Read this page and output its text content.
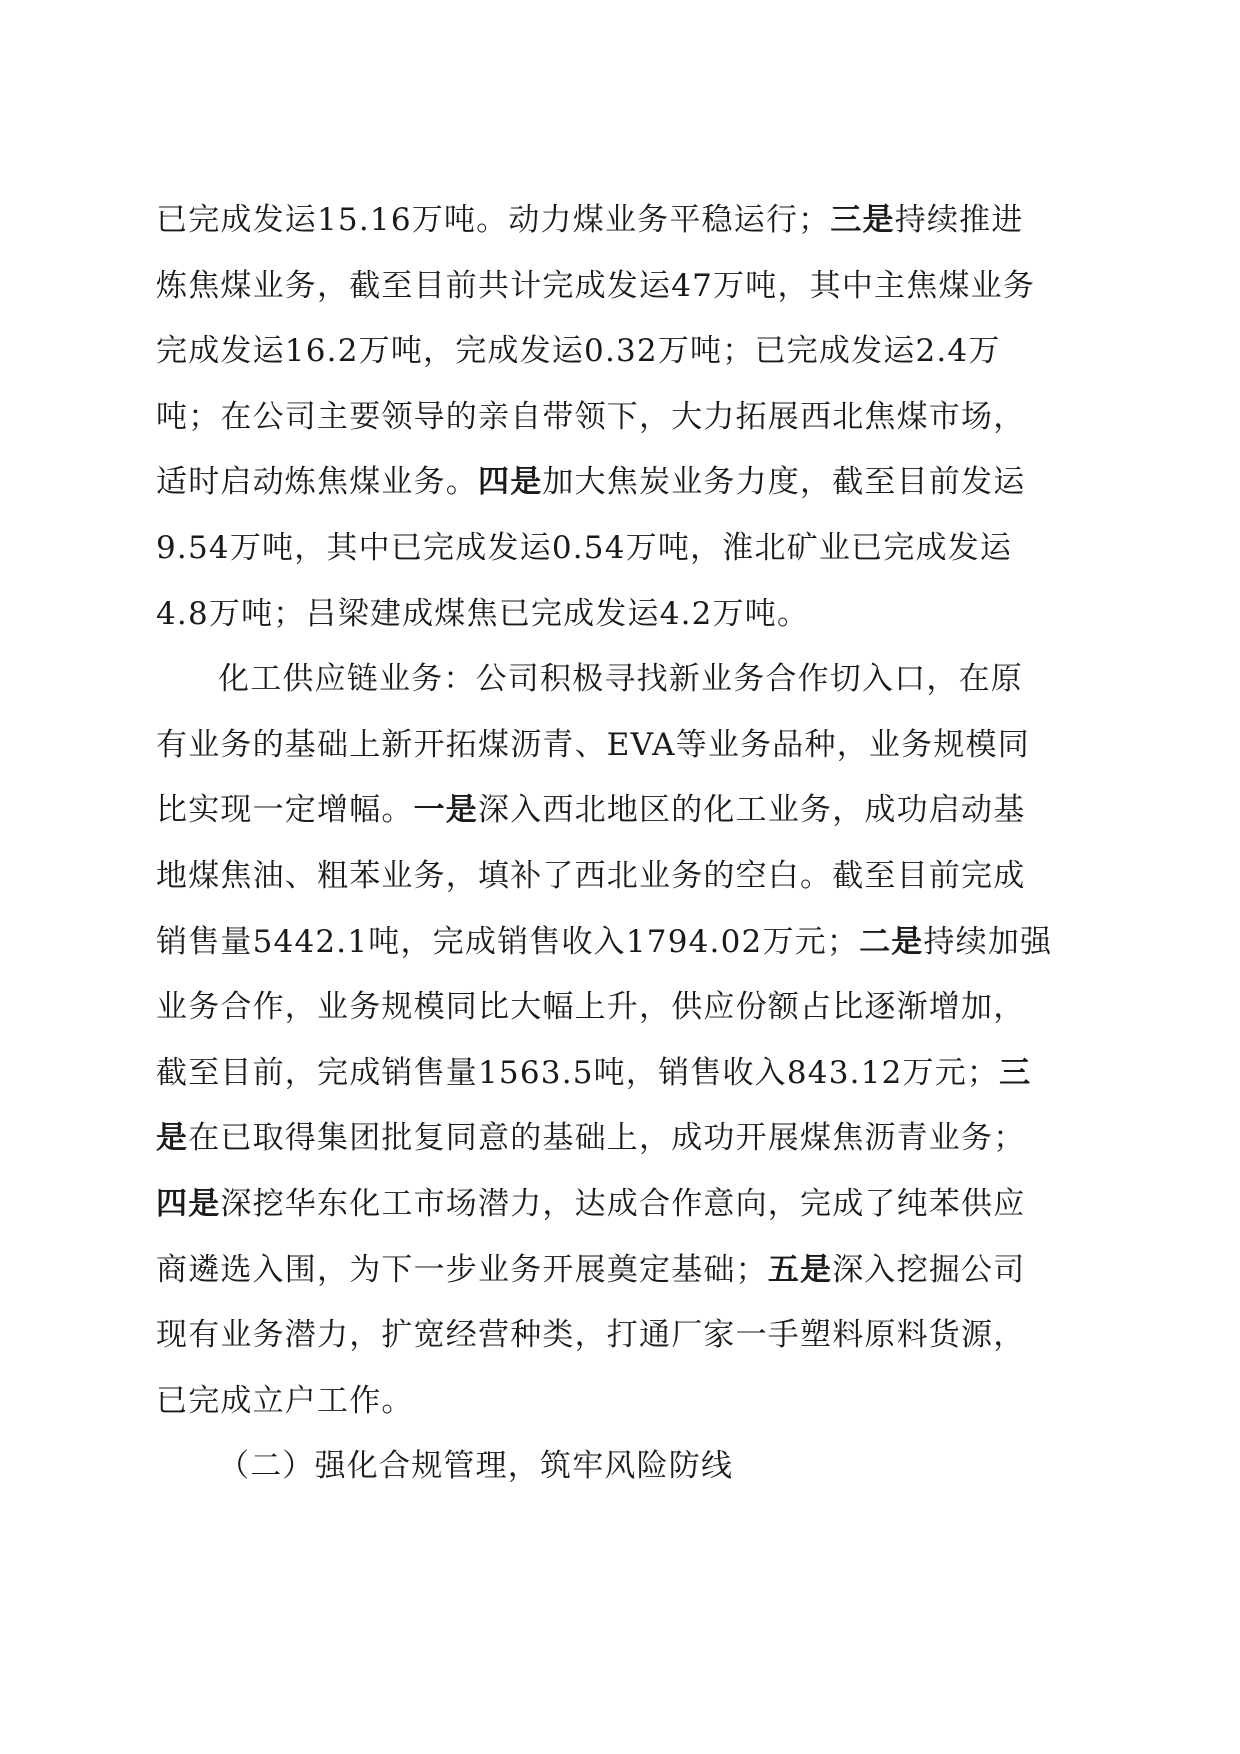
已完成发运15.16万吨。动力煤业务平稳运行；三是持续推进
炼焦煤业务，截至目前共计完成发运47万吨，其中主焦煤业务
完成发运16.2万吨，完成发运0.32万吨；已完成发运2.4万
吨；在公司主要领导的亲自带领下，大力拓展西北焦煤市场，
适时启动炼焦煤业务。四是加大焦炭业务力度，截至目前发运
9.54万吨，其中已完成发运0.54万吨，淮北矿业已完成发运
4.8万吨；吕梁建成煤焦已完成发运4.2万吨。
化工供应链业务：公司积极寻找新业务合作切入口，在原
有业务的基础上新开拓煤沥青、EVA等业务品种，业务规模同
比实现一定增幅。一是深入西北地区的化工业务，成功启动基
地煤焦油、粗苯业务，填补了西北业务的空白。截至目前完成
销售量5442.1吨，完成销售收入1794.02万元；二是持续加强
业务合作，业务规模同比大幅上升，供应份额占比逐渐增加，
截至目前，完成销售量1563.5吨，销售收入843.12万元；三
是在已取得集团批复同意的基础上，成功开展煤焦沥青业务；
四是深挖华东化工市场潜力，达成合作意向，完成了纯苯供应
商遴选入围，为下一步业务开展奠定基础；五是深入挖掘公司
现有业务潜力，扩宽经营种类，打通厂家一手塑料原料货源，
已完成立户工作。
（二）强化合规管理，筑牢风险防线
